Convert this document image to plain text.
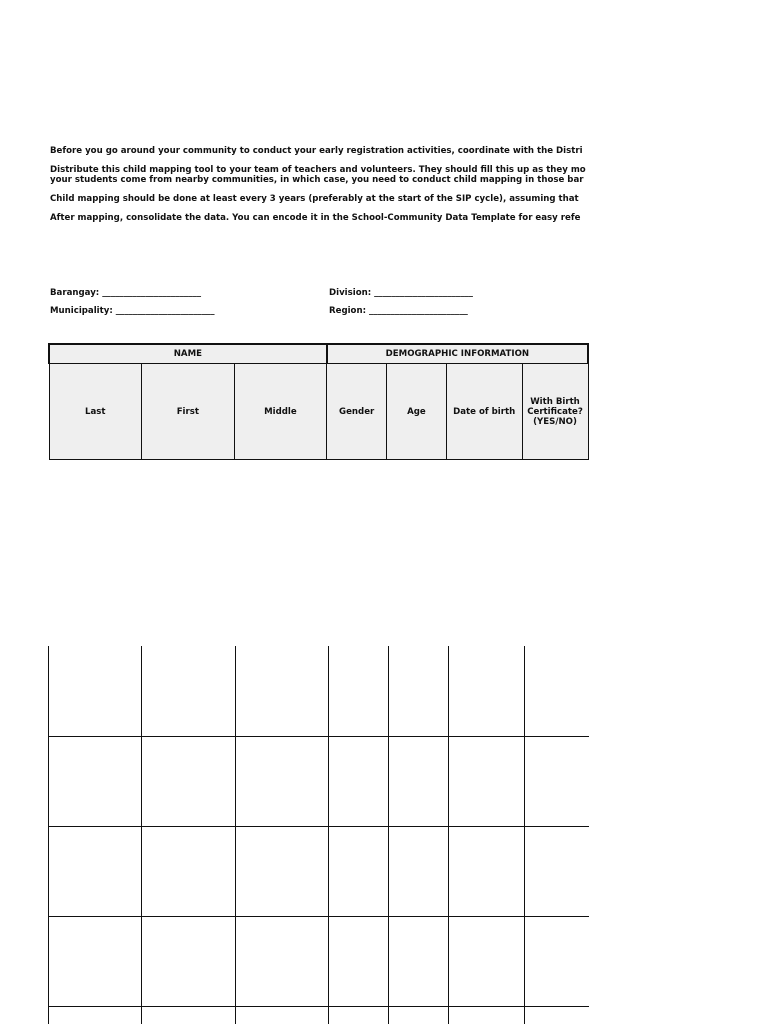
Before you go around your community to conduct your early registration activities, coordinate with the Distri

Distribute this child mapping tool to your team of teachers and volunteers. They should fill this up as they mo
your students come from nearby communities, in which case, you need to conduct child mapping in those bar

Child mapping should be done at least every 3 years (preferably at the start of the SIP cycle), assuming that

After mapping, consolidate the data. You can encode it in the School-Community Data Template for easy refe

Barangay: _______________________	Division: _______________________
Municipality: _______________________	Region: _______________________
NAME			DEMOGRAPHIC INFORMATION			
Last	First	Middle	Gender	Age	Date of birth	With Birth Certificate? (YES/NO)
